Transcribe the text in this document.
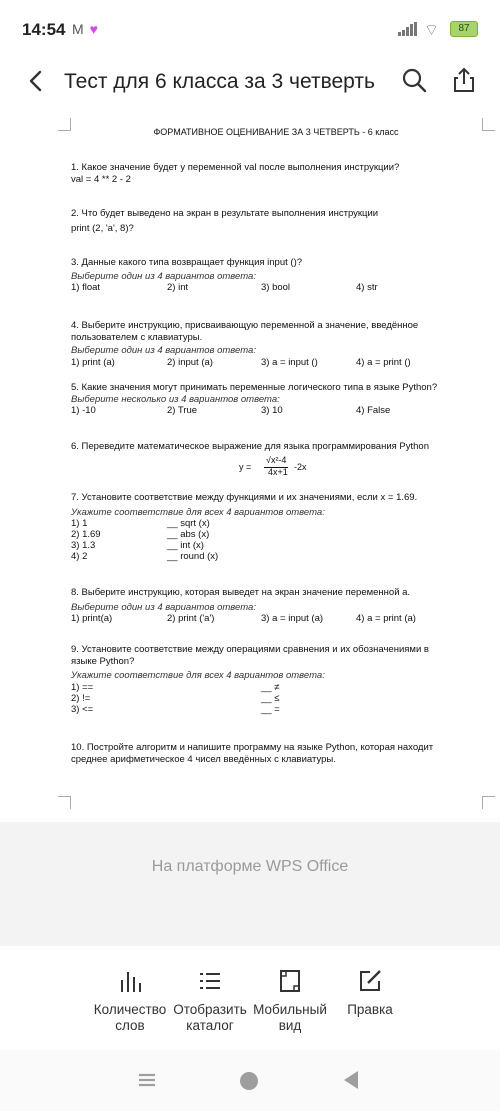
14:54 M ♥	⌔	87
Тест для 6 класса за 3 четверть
ФОРМАТИВНОЕ ОЦЕНИВАНИЕ ЗА 3 ЧЕТВЕРТЬ - 6 класс
1. Какое значение будет у переменной val после выполнения инструкции?
val = 4 ** 2 - 2
2. Что будет выведено на экран в результате выполнения инструкции
print (2, 'a', 8)?
3. Данные какого типа возвращает функция input ()?
Выберите один из 4 вариантов ответа:
1) float	2) int	3) bool	4) str
4. Выберите инструкцию, присваивающую переменной a значение, введённое
пользователем с клавиатуры.
Выберите один из 4 вариантов ответа:
1) print (a)	2) input (a)	3) a = input ()	4) a = print ()
5. Какие значения могут принимать переменные логического типа в языке Python?
Выберите несколько из 4 вариантов ответа:
1) -10	2) True	3) 10	4) False
6. Переведите математическое выражение для языка программирования Python
y =
√x²-4
4x+1 -2x
7. Установите соответствие между функциями и их значениями, если x = 1.69.
Укажите соответствие для всех 4 вариантов ответа:
1) 1	__ sqrt (x)
2) 1.69	__ abs (x)
3) 1.3	__ int (x)
4) 2	__ round (x)
8. Выберите инструкцию, которая выведет на экран значение переменной a.
Выберите один из 4 вариантов ответа:
1) print(a)	2) print ('a')	3) a = input (a)	4) a = print (a)
9. Установите соответствие между операциями сравнения и их обозначениями в
языке Python?
Укажите соответствие для всех 4 вариантов ответа:
1) ==	__ ≠
2) !=	__ ≤
3) <=	__ =
10. Постройте алгоритм и напишите программу на языке Python, которая находит
среднее арифметическое 4 чисел введённых с клавиатуры.
На платформе WPS Office
Количество слов
Отобразить каталог
Мобильный вид
Правка
